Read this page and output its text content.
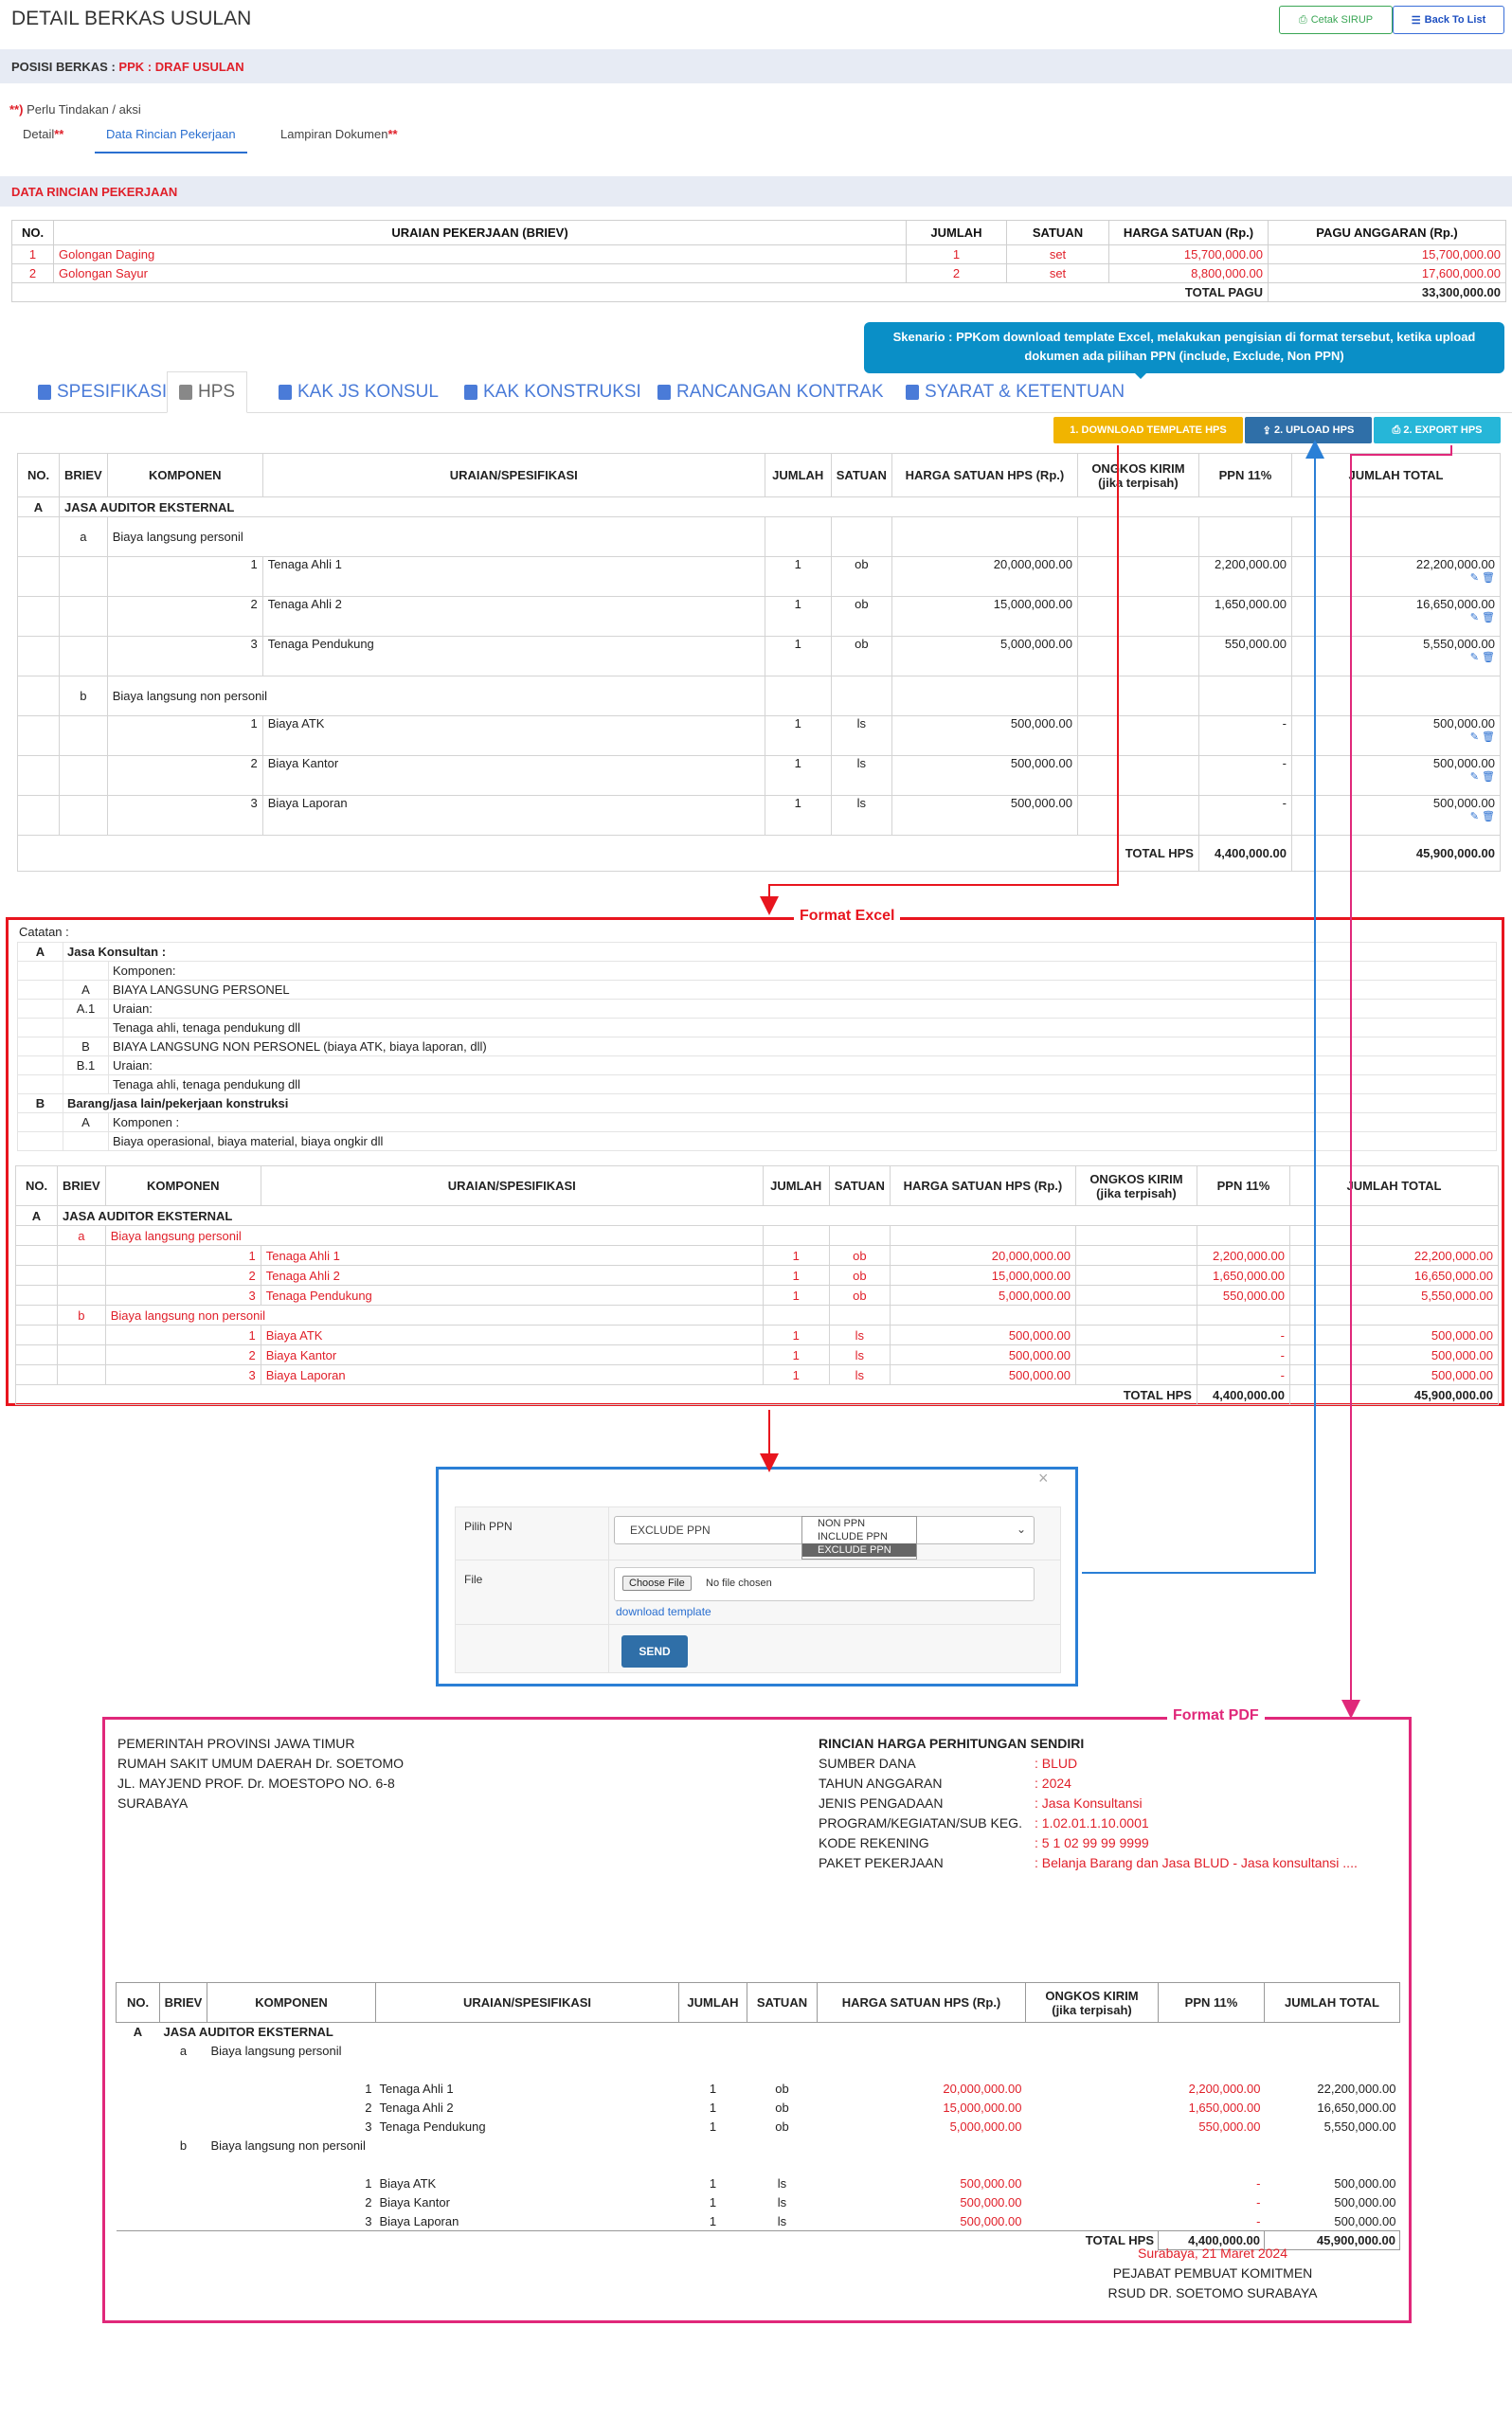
DETAIL BERKAS USULAN	⎙ Cetak SIRUP	☰ Back To List
POSISI BERKAS : PPK : DRAF USULAN
**) Perlu Tindakan / aksi
Detail**	Data Rincian Pekerjaan	Lampiran Dokumen**
DATA RINCIAN PEKERJAAN
NO.	URAIAN PEKERJAAN (BRIEV)	JUMLAH	SATUAN	HARGA SATUAN (Rp.)	PAGU ANGGARAN (Rp.)
1	Golongan Daging	1	set	15,700,000.00	15,700,000.00
2	Golongan Sayur	2	set	8,800,000.00	17,600,000.00
TOTAL PAGU					33,300,000.00
Skenario : PPKom download template Excel, melakukan pengisian di format tersebut, ketika upload dokumen ada pilihan PPN (include, Exclude, Non PPN)
SPESIFIKASI HPS	KAK JS KONSUL KAK KONSTRUKSI RANCANGAN KONTRAK SYARAT & KETENTUAN
1. DOWNLOAD TEMPLATE HPS	⇪ 2. UPLOAD HPS	⎙ 2. EXPORT HPS
NO.	BRIEV	KOMPONEN	URAIAN/SPESIFIKASI	JUMLAH	SATUAN	HARGA SATUAN HPS (Rp.)	ONGKOS KIRIM
(jika terpisah)	PPN 11%	JUMLAH TOTAL
A	JASA AUDITOR EKSTERNAL								
	a	Biaya langsung personil							
		1	Tenaga Ahli 1	1	ob	20,000,000.00		2,200,000.00	22,200,000.00
✎ 🗑

		2	Tenaga Ahli 2	1	ob	15,000,000.00		1,650,000.00	16,650,000.00
✎ 🗑

		3	Tenaga Pendukung	1	ob	5,000,000.00		550,000.00	5,550,000.00
✎ 🗑

	b	Biaya langsung non personil							
		1	Biaya ATK	1	ls	500,000.00		-	500,000.00
✎ 🗑

		2	Biaya Kantor	1	ls	500,000.00		-	500,000.00
✎ 🗑

		3	Biaya Laporan	1	ls	500,000.00		-	500,000.00
✎ 🗑

TOTAL HPS								4,400,000.00	45,900,000.00
Format Excel
Catatan :
A	Jasa Konsultan :	
		Komponen:
	A	BIAYA LANGSUNG PERSONEL
	A.1	Uraian:
		Tenaga ahli, tenaga pendukung dll
	B	BIAYA LANGSUNG NON PERSONEL (biaya ATK, biaya laporan, dll)
	B.1	Uraian:
		Tenaga ahli, tenaga pendukung dll
B	Barang/jasa lain/pekerjaan konstruksi	
	A	Komponen :
		Biaya operasional, biaya material, biaya ongkir dll
NO.	BRIEV	KOMPONEN	URAIAN/SPESIFIKASI	JUMLAH	SATUAN	HARGA SATUAN HPS (Rp.)	ONGKOS KIRIM
(jika terpisah)	PPN 11%	JUMLAH TOTAL
A	JASA AUDITOR EKSTERNAL								
	a	Biaya langsung personil							
		1	Tenaga Ahli 1	1	ob	20,000,000.00		2,200,000.00	22,200,000.00

		2	Tenaga Ahli 2	1	ob	15,000,000.00		1,650,000.00	16,650,000.00

		3	Tenaga Pendukung	1	ob	5,000,000.00		550,000.00	5,550,000.00

	b	Biaya langsung non personil							
		1	Biaya ATK	1	ls	500,000.00		-	500,000.00

		2	Biaya Kantor	1	ls	500,000.00		-	500,000.00

		3	Biaya Laporan	1	ls	500,000.00		-	500,000.00

TOTAL HPS								4,400,000.00	45,900,000.00
×
Pilih PPN	EXCLUDE PPN	⌄
NON PPN
INCLUDE PPN
EXCLUDE PPN
File	Choose File	No file chosen
download template
SEND
Format PDF
PEMERINTAH PROVINSI JAWA TIMUR
RUMAH SAKIT UMUM DAERAH Dr. SOETOMO
JL. MAYJEND PROF. Dr. MOESTOPO NO. 6-8
SURABAYA
RINCIAN HARGA PERHITUNGAN SENDIRI
SUMBER DANA	: BLUD
TAHUN ANGGARAN	: 2024
JENIS PENGADAAN	: Jasa Konsultansi
PROGRAM/KEGIATAN/SUB KEG. : 1.02.01.1.10.0001
KODE REKENING	: 5 1 02 99 99 9999
PAKET PEKERJAAN	: Belanja Barang dan Jasa BLUD - Jasa konsultansi ....
NO.	BRIEV	KOMPONEN	URAIAN/SPESIFIKASI	JUMLAH	SATUAN	HARGA SATUAN HPS (Rp.)	ONGKOS KIRIM
(jika terpisah)	PPN 11%	JUMLAH TOTAL
A	JASA AUDITOR EKSTERNAL								
	a	Biaya langsung personil							

		1	Tenaga Ahli 1	1	ob	20,000,000.00		2,200,000.00	22,200,000.00
		2	Tenaga Ahli 2	1	ob	15,000,000.00		1,650,000.00	16,650,000.00
		3	Tenaga Pendukung	1	ob	5,000,000.00		550,000.00	5,550,000.00
	b	Biaya langsung non personil							

		1	Biaya ATK	1	ls	500,000.00		-	500,000.00
		2	Biaya Kantor	1	ls	500,000.00		-	500,000.00
		3	Biaya Laporan	1	ls	500,000.00		-	500,000.00
TOTAL HPS								4,400,000.00	45,900,000.00
Surabaya, 21 Maret 2024
PEJABAT PEMBUAT KOMITMEN
RSUD DR. SOETOMO SURABAYA
